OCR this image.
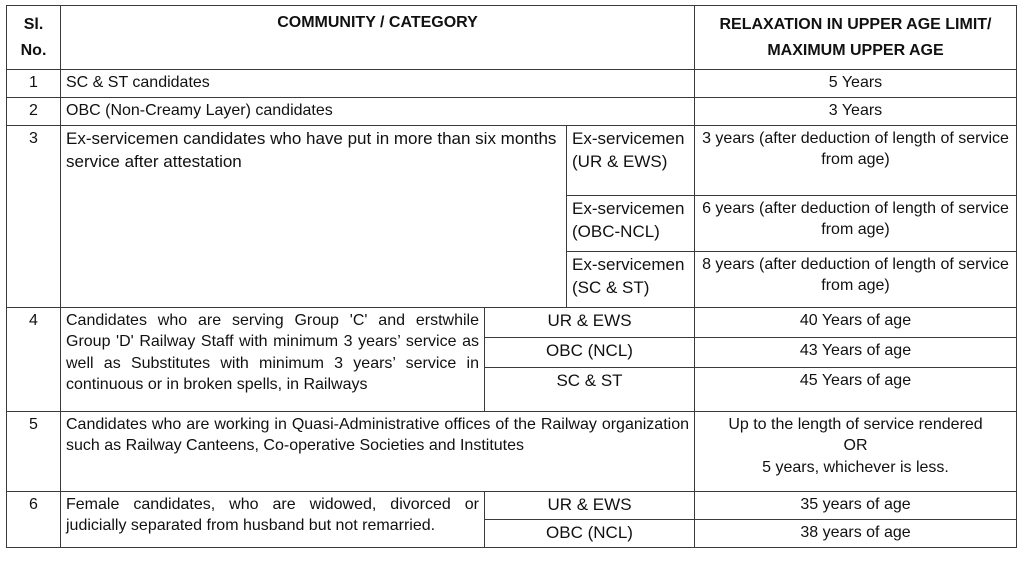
Sl. No.	COMMUNITY / CATEGORY			RELAXATION IN UPPER AGE LIMIT/ MAXIMUM UPPER AGE
1	SC & ST candidates			5 Years
2	OBC (Non-Creamy Layer) candidates			3 Years
3	Ex-servicemen candidates who have put in more than six months service after attestation		Ex-servicemen (UR & EWS)	3 years (after deduction of length of service from age)
			Ex-servicemen (OBC-NCL)	6 years (after deduction of length of service from age)
			Ex-servicemen (SC & ST)	8 years (after deduction of length of service from age)
4	Candidates who are serving Group 'C' and erstwhile Group 'D' Railway Staff with minimum 3 years’ service as well as Substitutes with minimum 3 years’ service in continuous or in broken spells, in Railways	UR & EWS		40 Years of age
		OBC (NCL)		43 Years of age
		SC & ST		45 Years of age
5	Candidates who are working in Quasi-Administrative offices of the Railway organization such as Railway Canteens, Co-operative Societies and Institutes			Up to the length of service rendered
OR
5 years, whichever is less.

6	Female candidates, who are widowed, divorced or judicially separated from husband but not remarried.	UR & EWS		35 years of age
		OBC (NCL)		38 years of age
